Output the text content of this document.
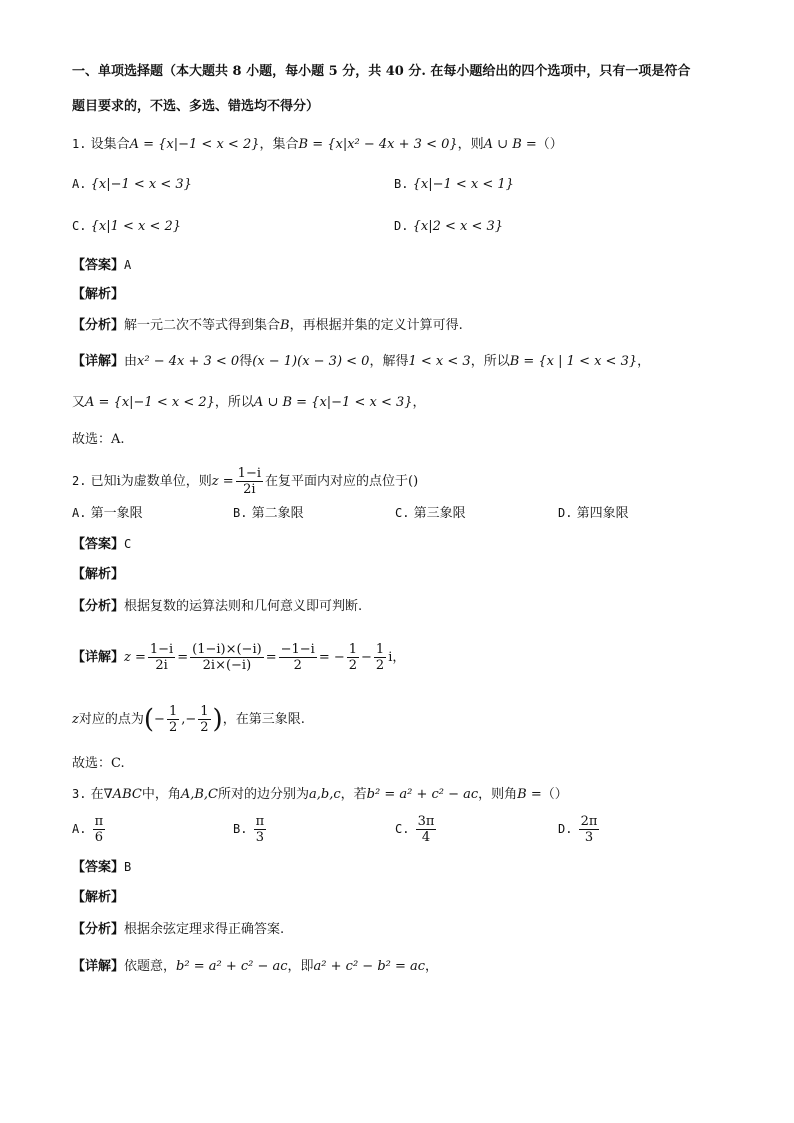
一、单项选择题（本大题共 8 小题，每小题 5 分，共 40 分. 在每小题给出的四个选项中，只有一项是符合
题目要求的，不选、多选、错选均不得分）
1. 设集合A = {x|−1 < x < 2}，集合B = {x|x² − 4x + 3 < 0}，则A ∪ B =（）
A. {x|−1 < x < 3}	B. {x|−1 < x < 1}
C. {x|1 < x < 2}	D. {x|2 < x < 3}
【答案】A
【解析】
【分析】解一元二次不等式得到集合B，再根据并集的定义计算可得.
【详解】由x² − 4x + 3 < 0得(x − 1)(x − 3) < 0，解得1 < x < 3，所以B = {x | 1 < x < 3}，
又A = {x|−1 < x < 2}，所以A ∪ B = {x|−1 < x < 3}，
故选：A.
2. 已知i为虚数单位，则$z = \frac{1-i}{2i}$ 在复平面内对应的点位于()
A. 第一象限	B. 第二象限	C. 第三象限	D. 第四象限
【答案】C
【解析】
【分析】根据复数的运算法则和几何意义即可判断.
【详解】$z = \frac{1-i}{2i} = \frac{(1-i)\times(-i)}{2i\times(-i)} = \frac{-1-i}{2}$ = − $\frac{1}{2} - \frac{1}{2}$ i，
z对应的点为(− $\frac{1}{2}$ ,− $\frac{1}{2}$ )，在第三象限.
故选：C.
3. 在∇ABC中，角A,B,C所对的边分别为a,b,c，若b² = a² + c² − ac，则角B =（）
A. $\frac{\pi}{6}$	B. $\frac{\pi}{3}$	C. $\frac{3\pi}{4}$	D. $\frac{2\pi}{3}$
【答案】B
【解析】
【分析】根据余弦定理求得正确答案.
【详解】依题意，b² = a² + c² − ac，即a² + c² − b² = ac，
